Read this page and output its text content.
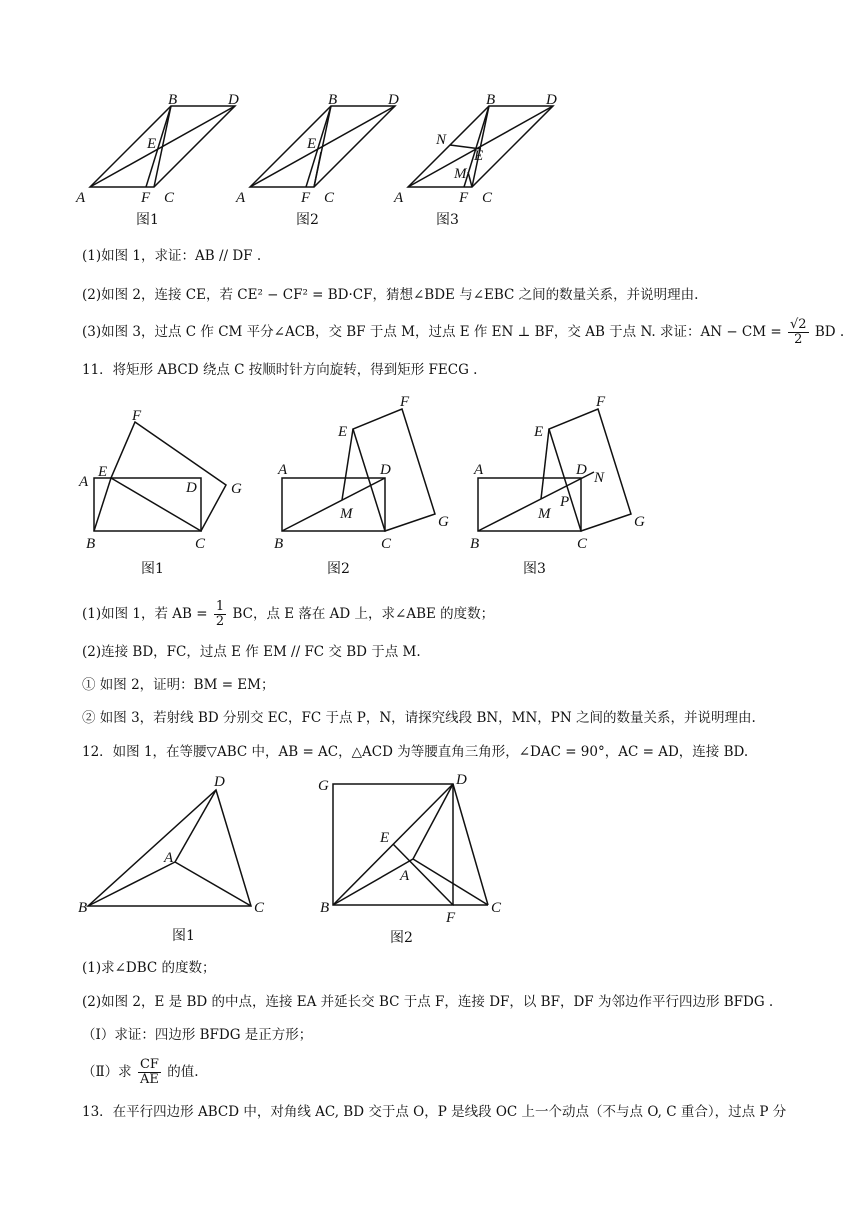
A
B
C
D
E
F
图1
A
B
C
D
E
F
图2
A
B
C
D
E
F
N
M
图3
(1)如图 1，求证：AB // DF .
(2)如图 2，连接 CE，若 CE² − CF² = BD·CF，猜想∠BDE 与∠EBC 之间的数量关系，并说明理由.
(3)如图 3，过点 C 作 CM 平分∠ACB，交 BF 于点 M，过点 E 作 EN ⊥ BF，交 AB 于点 N. 求证：AN − CM = $\frac{√2}{2}$ BD .
11．将矩形 ABCD 绕点 C 按顺时针方向旋转，得到矩形 FECG .
F
E
A	D G
B	C
图1
F
E
A	D
M	G
B	C
图2
F
E
A	D N
P
M	G
B	C
图3
(1)如图 1，若 AB = $\frac{1}{2}$ BC，点 E 落在 AD 上，求∠ABE 的度数；
(2)连接 BD，FC，过点 E 作 EM // FC 交 BD 于点 M.
① 如图 2，证明：BM = EM；
② 如图 3，若射线 BD 分别交 EC，FC 于点 P，N，请探究线段 BN，MN，PN 之间的数量关系，并说明理由.
12．如图 1，在等腰▽ABC 中，AB = AC，△ACD 为等腰直角三角形，∠DAC = 90°，AC = AD，连接 BD.
D
A
B	C
图1
G	D
E
A
B
F
C
图2
(1)求∠DBC 的度数；
(2)如图 2，E 是 BD 的中点，连接 EA 并延长交 BC 于点 F，连接 DF，以 BF，DF 为邻边作平行四边形 BFDG .
（Ⅰ）求证：四边形 BFDG 是正方形；
（Ⅱ）求 $\frac{CF}{AE}$ 的值.
13．在平行四边形 ABCD 中，对角线 AC, BD 交于点 O，P 是线段 OC 上一个动点（不与点 O, C 重合），过点 P 分
